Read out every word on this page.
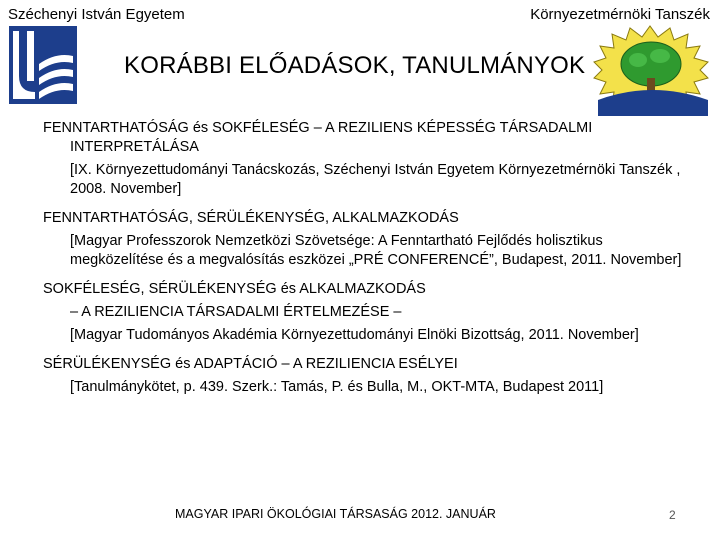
Széchenyi István Egyetem	Környezetmérnöki Tanszék
KORÁBBI ELŐADÁSOK, TANULMÁNYOK
FENNTARTHATÓSÁG és SOKFÉLESÉG – A REZILIENS KÉPESSÉG TÁRSADALMI INTERPRETÁLÁSA
[IX. Környezettudományi Tanácskozás, Széchenyi István Egyetem Környezetmérnöki Tanszék , 2008. November]
FENNTARTHATÓSÁG, SÉRÜLÉKENYSÉG, ALKALMAZKODÁS
[Magyar Professzorok Nemzetközi Szövetsége: A Fenntartható Fejlődés holisztikus megközelítése és a megvalósítás eszközei „PRÉ CONFERENCÉ”, Budapest, 2011. November]
SOKFÉLESÉG, SÉRÜLÉKENYSÉG és ALKALMAZKODÁS
– A REZILIENCIA TÁRSADALMI ÉRTELMEZÉSE –
[Magyar Tudományos Akadémia Környezettudományi Elnöki Bizottság, 2011. November]
SÉRÜLÉKENYSÉG és ADAPTÁCIÓ – A REZILIENCIA ESÉLYEI
[Tanulmánykötet, p. 439. Szerk.: Tamás, P. és Bulla, M., OKT-MTA, Budapest 2011]
MAGYAR IPARI ÖKOLÓGIAI TÁRSASÁG 2012. JANUÁR	2
